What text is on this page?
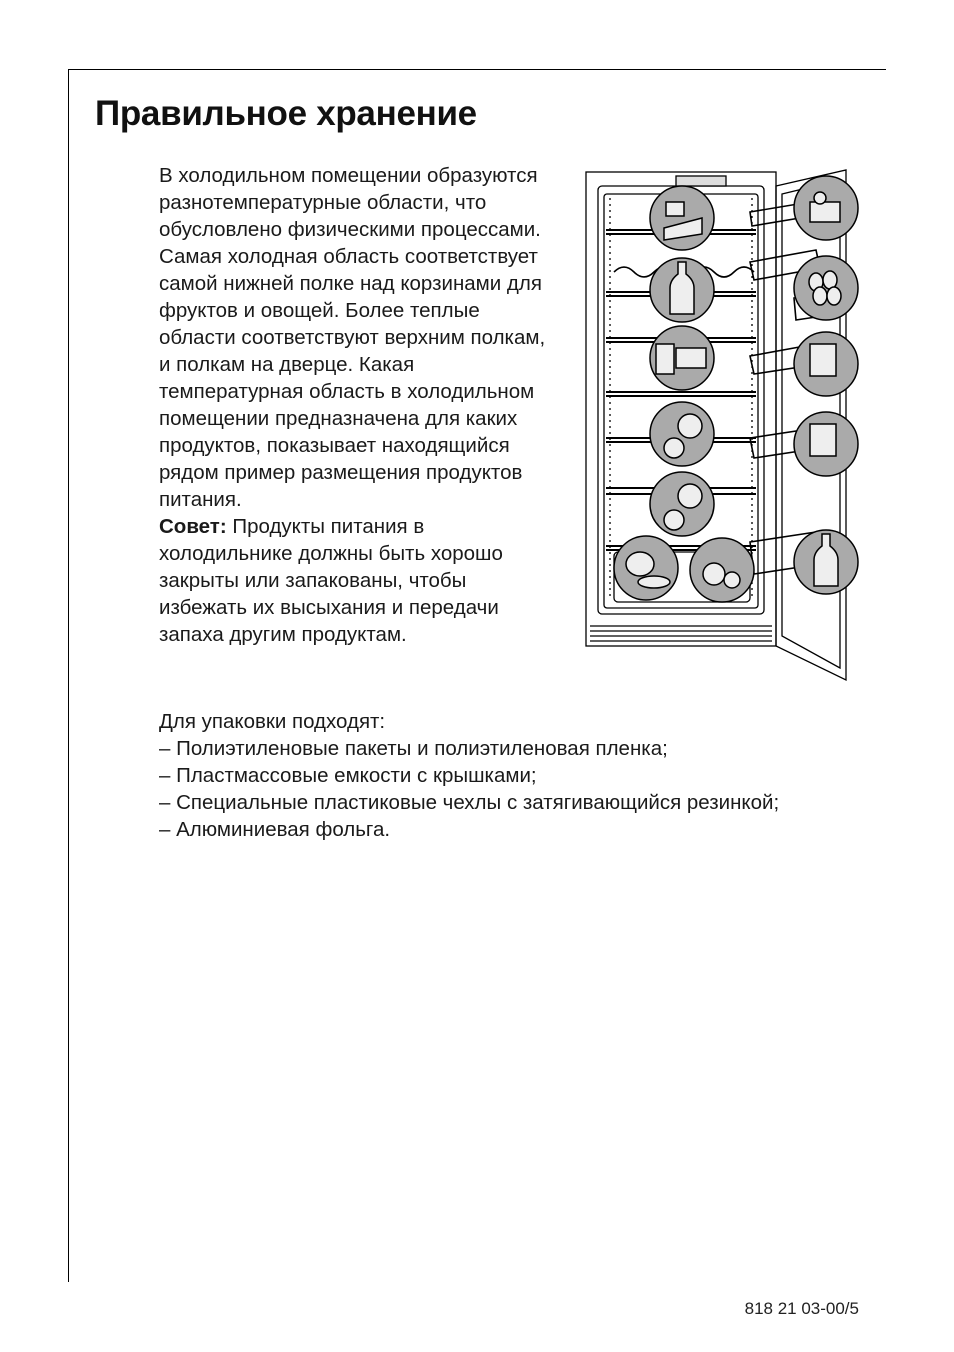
Правильное хранение

В холодильном помещении образуются разнотемпературные области, что обусловлено физическими процессами. Самая холодная область соответствует самой нижней полке над корзинами для фруктов и овощей. Более теплые области соответствуют верхним полкам, и полкам на дверце. Какая температурная область в холодильном помещении предназначена для каких продуктов, показывает находящийся рядом пример размещения продуктов питания.

Совет: Продукты питания в холодильнике должны быть хорошо закрыты или запакованы, чтобы избежать их высыхания и передачи запаха другим продуктам.

Для упаковки подходят:

– Полиэтиленовые пакеты и полиэтиленовая пленка;
– Пластмассовые емкости с крышками;
– Специальные пластиковые чехлы с затягивающийся резинкой;
– Алюминиевая фольга.
818 21 03-00/5
